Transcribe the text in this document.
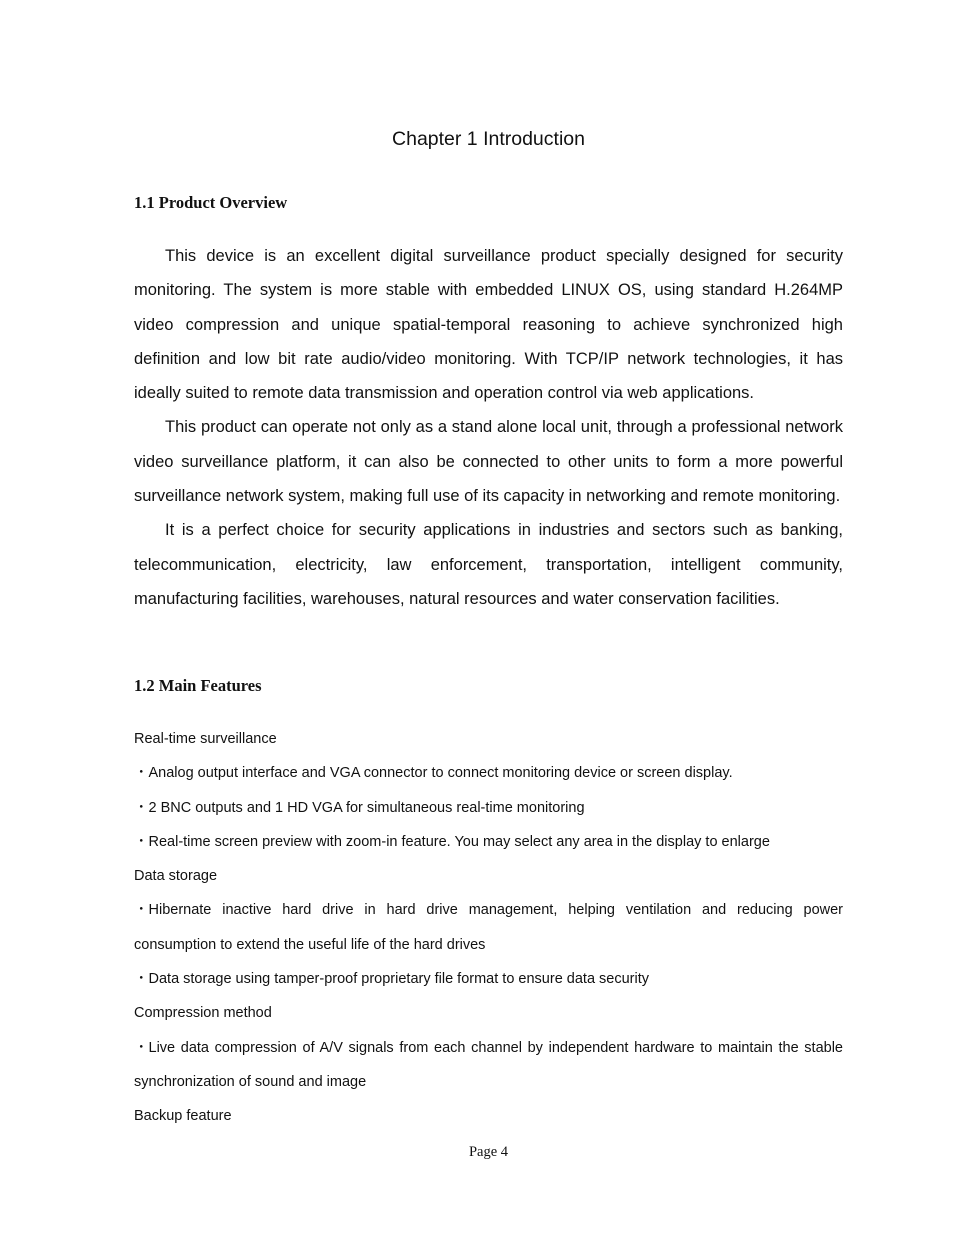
Chapter 1 Introduction
1.1 Product Overview

This device is an excellent digital surveillance product specially designed for security monitoring. The system is more stable with embedded LINUX OS, using standard H.264MP video compression and unique spatial-temporal reasoning to achieve synchronized high definition and low bit rate audio/video monitoring. With TCP/IP network technologies, it has ideally suited to remote data transmission and operation control via web applications.

This product can operate not only as a stand alone local unit, through a professional network video surveillance platform, it can also be connected to other units to form a more powerful surveillance network system, making full use of its capacity in networking and remote monitoring.

It is a perfect choice for security applications in industries and sectors such as banking, telecommunication, electricity, law enforcement, transportation, intelligent community, manufacturing facilities, warehouses, natural resources and water conservation facilities.

1.2 Main Features
Real-time surveillance
・Analog output interface and VGA connector to connect monitoring device or screen display.
・2 BNC outputs and 1 HD VGA for simultaneous real-time monitoring
・Real-time screen preview with zoom-in feature. You may select any area in the display to enlarge
Data storage
・Hibernate inactive hard drive in hard drive management, helping ventilation and reducing power consumption to extend the useful life of the hard drives
・Data storage using tamper-proof proprietary file format to ensure data security
Compression method
・Live data compression of A/V signals from each channel by independent hardware to maintain the stable synchronization of sound and image
Backup feature
Page 4
